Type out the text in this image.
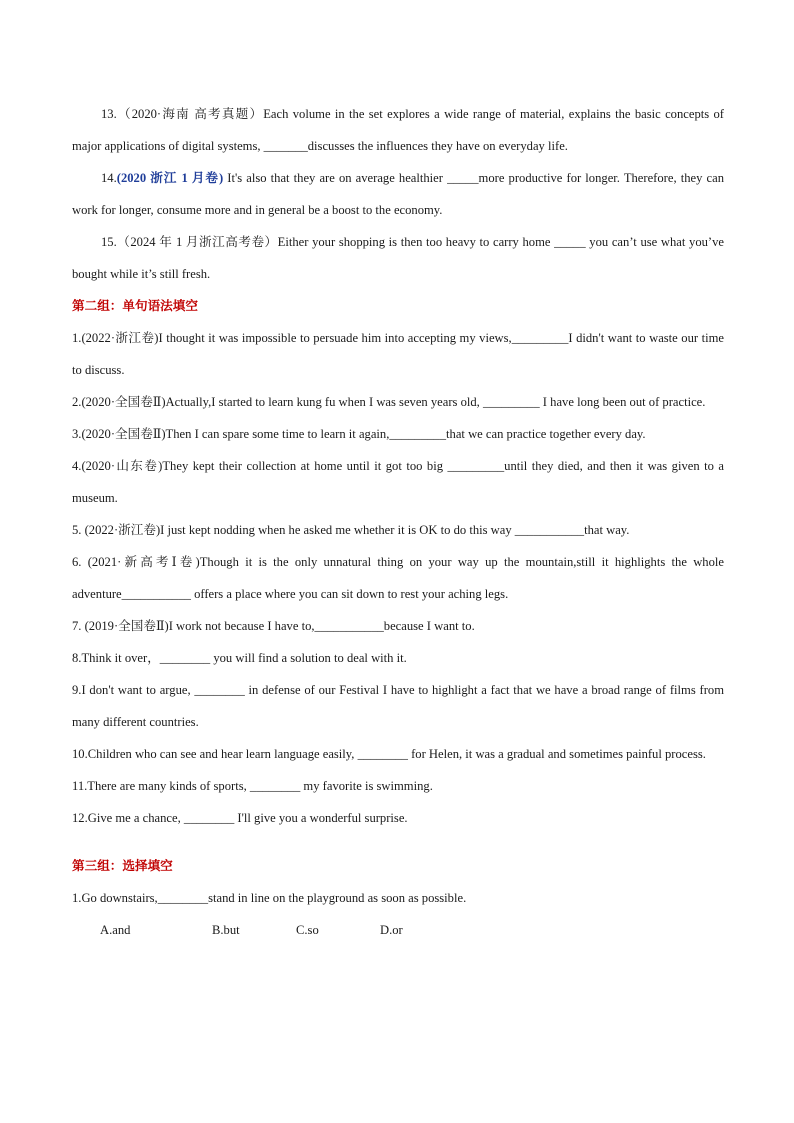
13.（2020·海南 高考真题）Each volume in the set explores a wide range of material, explains the basic concepts of major applications of digital systems, _______discusses the influences they have on everyday life.

14.(2020 浙江 1 月卷) It's also that they are on average healthier _____more productive for longer. Therefore, they can work for longer, consume more and in general be a boost to the economy.

15.（2024 年 1 月浙江高考卷）Either your shopping is then too heavy to carry home _____ you can’t use what you’ve bought while it’s still fresh.

第二组：单句语法填空

1.(2022·浙江卷)I thought it was impossible to persuade him into accepting my views,_________I didn't want to waste our time to discuss.

2.(2020·全国卷Ⅱ)Actually,I started to learn kung fu when I was seven years old, _________ I have long been out of practice.

3.(2020·全国卷Ⅱ)Then I can spare some time to learn it again,_________that we can practice together every day.

4.(2020·山东卷)They kept their collection at home until it got too big _________until they died, and then it was given to a museum.

5. (2022·浙江卷)I just kept nodding when he asked me whether it is OK to do this way ___________that way.

6. (2021·新高考Ⅰ卷)Though it is the only unnatural thing on your way up the mountain,still it highlights the whole adventure___________ offers a place where you can sit down to rest your aching legs.

7. (2019·全国卷Ⅱ)I work not because I have to,___________because I want to.

8.Think it over，________ you will find a solution to deal with it.

9.I don't want to argue, ________ in defense of our Festival I have to highlight a fact that we have a broad range of films from many different countries.

10.Children who can see and hear learn language easily, ________ for Helen, it was a gradual and sometimes painful process.

11.There are many kinds of sports, ________ my favorite is swimming.

12.Give me a chance, ________ I'll give you a wonderful surprise.

第三组：选择填空

1.Go downstairs,________stand in line on the playground as soon as possible.

A.and	B.but	C.so	D.or
